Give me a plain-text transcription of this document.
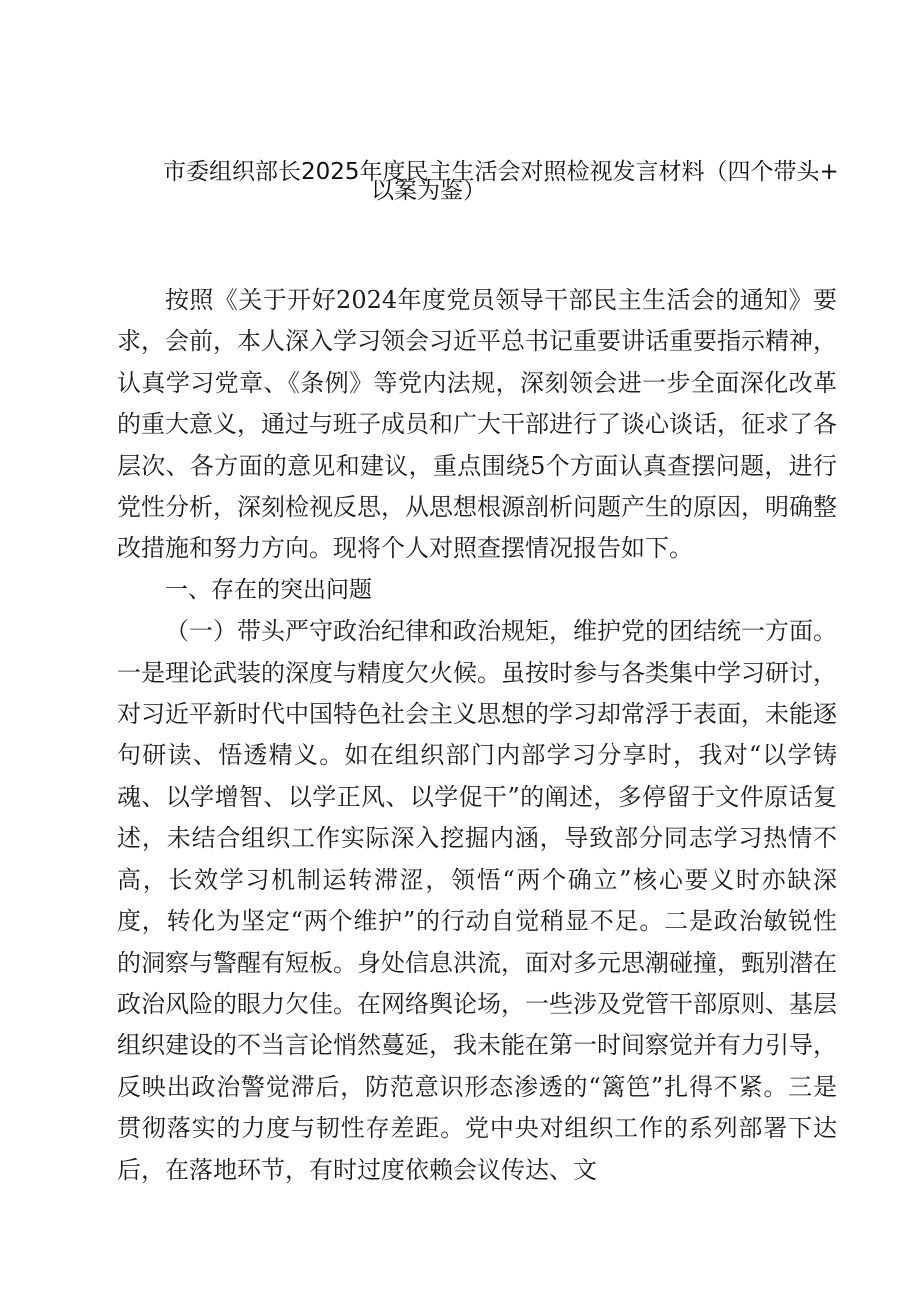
市委组织部长2025年度民主生活会对照检视发言材料（四个带头+
以案为鉴）

按照《关于开好2024年度党员领导干部民主生活会的通知》要求，会前，本人深入学习领会习近平总书记重要讲话重要指示精神，认真学习党章、《条例》等党内法规，深刻领会进一步全面深化改革的重大意义，通过与班子成员和广大干部进行了谈心谈话，征求了各层次、各方面的意见和建议，重点围绕5个方面认真查摆问题，进行党性分析，深刻检视反思，从思想根源剖析问题产生的原因，明确整改措施和努力方向。现将个人对照查摆情况报告如下。

一、存在的突出问题

（一）带头严守政治纪律和政治规矩，维护党的团结统一方面。一是理论武装的深度与精度欠火候。虽按时参与各类集中学习研讨，对习近平新时代中国特色社会主义思想的学习却常浮于表面，未能逐句研读、悟透精义。如在组织部门内部学习分享时，我对“以学铸魂、以学增智、以学正风、以学促干”的阐述，多停留于文件原话复述，未结合组织工作实际深入挖掘内涵，导致部分同志学习热情不高，长效学习机制运转滞涩，领悟“两个确立”核心要义时亦缺深度，转化为坚定“两个维护”的行动自觉稍显不足。二是政治敏锐性的洞察与警醒有短板。身处信息洪流，面对多元思潮碰撞，甄别潜在政治风险的眼力欠佳。在网络舆论场，一些涉及党管干部原则、基层组织建设的不当言论悄然蔓延，我未能在第一时间察觉并有力引导，反映出政治警觉滞后，防范意识形态渗透的“篱笆”扎得不紧。三是贯彻落实的力度与韧性存差距。党中央对组织工作的系列部署下达后，在落地环节，有时过度依赖会议传达、文
